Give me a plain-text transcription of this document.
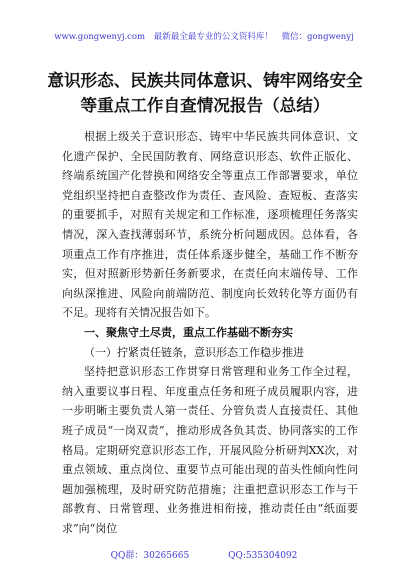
www.gongwenyj.com 最新最全最专业的公文资料库！ 微信：gongwenyj
意识形态、民族共同体意识、铸牢网络安全等重点工作自查情况报告（总结）

根据上级关于意识形态、铸牢中华民族共同体意识、文化遗产保护、全民国防教育、网络意识形态、软件正版化、终端系统国产化替换和网络安全等重点工作部署要求，单位党组织坚持把自查整改作为责任、查风险、查短板、查落实的重要抓手，对照有关规定和工作标准，逐项梳理任务落实情况，深入查找薄弱环节，系统分析问题成因。总体看，各项重点工作有序推进，责任体系逐步健全，基础工作不断夯实，但对照新形势新任务新要求，在责任向末端传导、工作向纵深推进、风险向前端防范、制度向长效转化等方面仍有不足。现将有关情况报告如下。

一、聚焦守土尽责，重点工作基础不断夯实

（一）拧紧责任链条，意识形态工作稳步推进

坚持把意识形态工作贯穿日常管理和业务工作全过程，纳入重要议事日程、年度重点任务和班子成员履职内容，进一步明晰主要负责人第一责任、分管负责人直接责任、其他班子成员“一岗双责”，推动形成各负其责、协同落实的工作格局。定期研究意识形态工作，开展风险分析研判XX次，对重点领域、重点岗位、重要节点可能出现的苗头性倾向性问题加强梳理，及时研究防范措施；注重把意识形态工作与干部教育、日常管理、业务推进相衔接，推动责任由“纸面要求”向“岗位

QQ群：30265665	QQ:535304092
